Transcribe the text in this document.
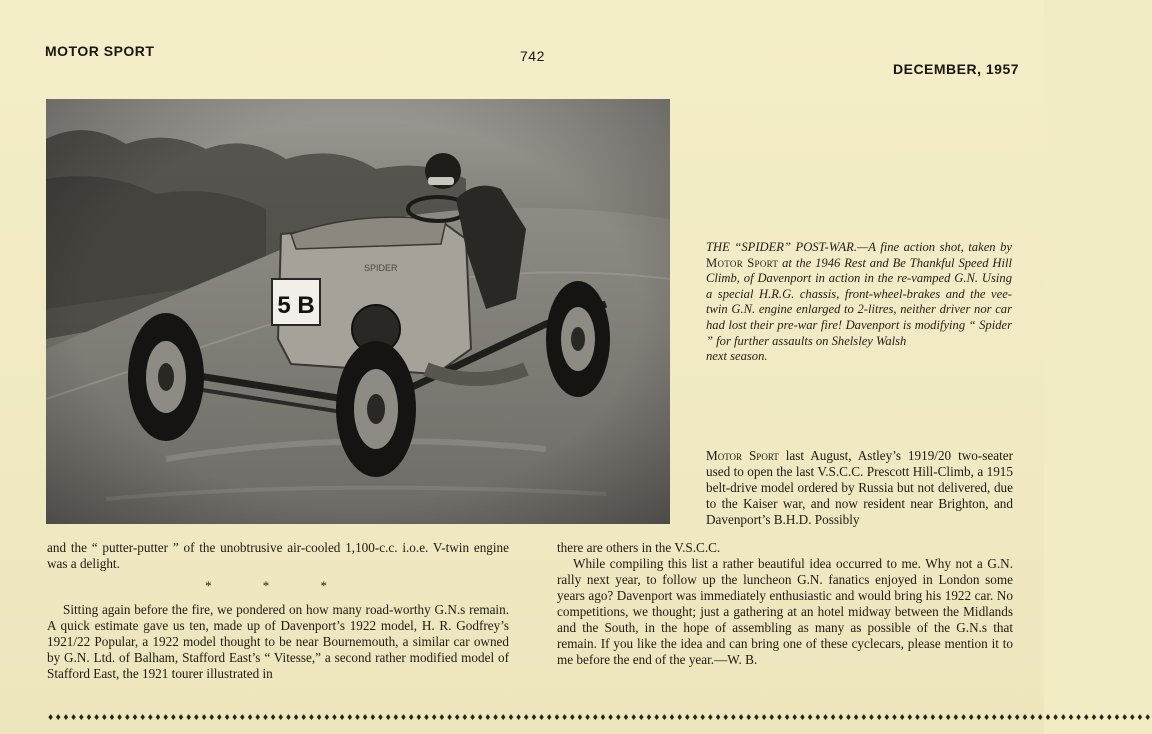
MOTOR SPORT	742
DECEMBER, 1957
THE “SPIDER” POST-WAR.—A fine action shot, taken by Motor Sport at the 1946 Rest and Be Thankful Speed Hill Climb, of Davenport in action in the re-vamped G.N. Using a special H.R.G. chassis, front-wheel-brakes and the vee-twin G.N. engine enlarged to 2-litres, neither driver nor car had lost their pre-war fire! Davenport is modifying “ Spider ” for further assaults on Shelsley Walsh
next season.
Motor Sport last August, Astley’s 1919/20 two-seater used to open the last V.S.C.C. Prescott Hill-Climb, a 1915 belt-drive model ordered by Russia but not delivered, due to the Kaiser war, and now resident near Brighton, and Davenport’s B.H.D. Possibly

and the “ putter-putter ” of the unobtrusive air-cooled 1,100-c.c. i.o.e. V-twin engine was a delight.

* * *

Sitting again before the fire, we pondered on how many road-worthy G.N.s remain. A quick estimate gave us ten, made up of Davenport’s 1922 model, H. R. Godfrey’s 1921/22 Popular, a 1922 model thought to be near Bournemouth, a similar car owned by G.N. Ltd. of Balham, Stafford East’s “ Vitesse,” a second rather modified model of Stafford East, the 1921 tourer illustrated in

there are others in the V.S.C.C.

While compiling this list a rather beautiful idea occurred to me. Why not a G.N. rally next year, to follow up the luncheon G.N. fanatics enjoyed in London some years ago? Davenport was immediately enthusiastic and would bring his 1922 car. No competitions, we thought; just a gathering at an hotel midway between the Midlands and the South, in the hope of assembling as many as possible of the G.N.s that remain. If you like the idea and can bring one of these cyclecars, please mention it to me before the end of the year.—W. B.

♦♦♦♦♦♦♦♦♦♦♦♦♦♦♦♦♦♦♦♦♦♦♦♦♦♦♦♦♦♦♦♦♦♦♦♦♦♦♦♦♦♦♦♦♦♦♦♦♦♦♦♦♦♦♦♦♦♦♦♦♦♦♦♦♦♦♦♦♦♦♦♦♦♦♦♦♦♦♦♦♦♦♦♦♦♦♦♦♦♦♦♦♦♦♦♦♦♦♦♦♦♦♦♦♦♦♦♦♦♦♦♦♦♦♦♦♦♦♦♦♦♦♦♦♦♦♦♦♦♦♦♦♦♦♦♦♦♦♦♦♦♦♦♦
